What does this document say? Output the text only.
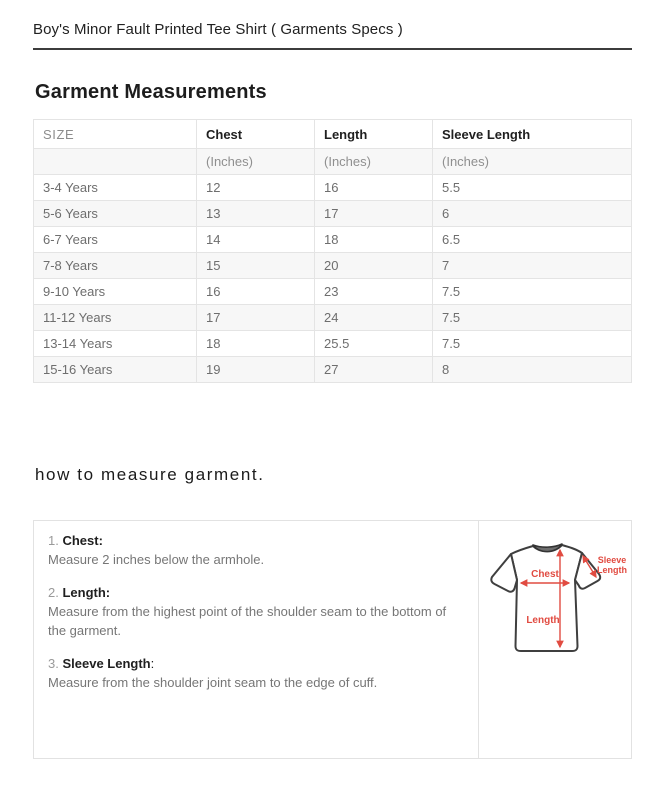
Boy's Minor Fault Printed Tee Shirt ( Garments Specs )
Garment Measurements
SIZE	Chest	Length	Sleeve Length
	(Inches)	(Inches)	(Inches)
3-4 Years	12	16	5.5
5-6 Years	13	17	6
6-7 Years	14	18	6.5
7-8 Years	15	20	7
9-10 Years	16	23	7.5
11-12 Years	17	24	7.5
13-14 Years	18	25.5	7.5
15-16 Years	19	27	8
how to measure garment.
1. Chest:
Measure 2 inches below the armhole.
2. Length:
Measure from the highest point of the shoulder seam to the bottom of the garment.
3. Sleeve Length:
Measure from the shoulder joint seam to the edge of cuff.
Chest
Length
Sleeve
Length
